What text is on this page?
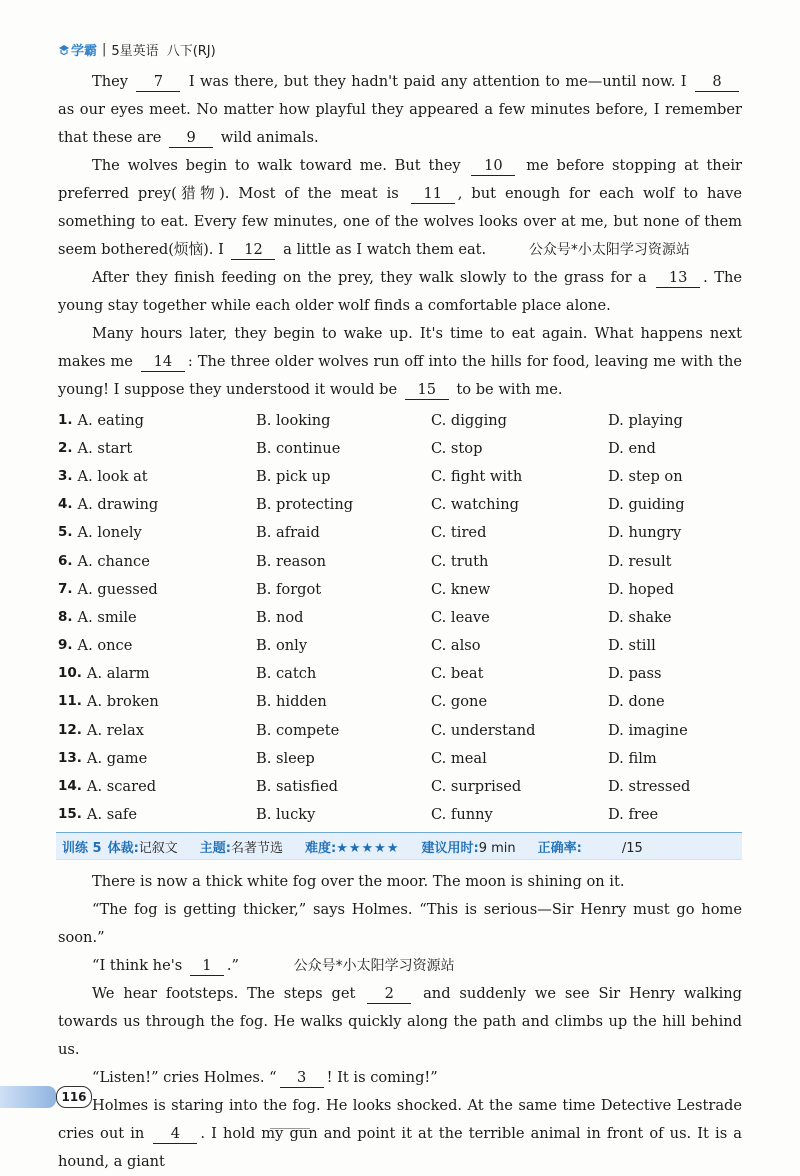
学霸 | 5星英语 八下(RJ)

They 7 I was there, but they hadn't paid any attention to me—until now. I 8 as our eyes meet. No matter how playful they appeared a few minutes before, I remember that these are 9 wild animals.

The wolves begin to walk toward me. But they 10 me before stopping at their preferred prey(猎物). Most of the meat is 11 , but enough for each wolf to have something to eat. Every few minutes, one of the wolves looks over at me, but none of them seem bothered(烦恼). I 12 a little as I watch them eat.	公众号*小太阳学习资源站

After they finish feeding on the prey, they walk slowly to the grass for a 13 . The young stay together while each older wolf finds a comfortable place alone.

Many hours later, they begin to wake up. It's time to eat again. What happens next makes me 14 : The three older wolves run off into the hills for food, leaving me with the young! I suppose they understood it would be 15 to be with me.

1. A. eating	B. looking	C. digging	D. playing
2. A. start	B. continue	C. stop	D. end
3. A. look at	B. pick up	C. fight with	D. step on
4. A. drawing	B. protecting	C. watching	D. guiding
5. A. lonely	B. afraid	C. tired	D. hungry
6. A. chance	B. reason	C. truth	D. result
7. A. guessed	B. forgot	C. knew	D. hoped
8. A. smile	B. nod	C. leave	D. shake
9. A. once	B. only	C. also	D. still
10. A. alarm	B. catch	C. beat	D. pass
11. A. broken	B. hidden	C. gone	D. done
12. A. relax	B. compete	C. understand	D. imagine
13. A. game	B. sleep	C. meal	D. film
14. A. scared	B. satisfied	C. surprised	D. stressed
15. A. safe	B. lucky	C. funny	D. free
训练 5 体裁:记叙文 主题:名著节选 难度:★★★★★ 建议用时:9 min 正确率:	/15

There is now a thick white fog over the moor. The moon is shining on it.

“The fog is getting thicker,” says Holmes. “This is serious—Sir Henry must go home soon.”

“I think he's 1 .”	公众号*小太阳学习资源站

We hear footsteps. The steps get 2 and suddenly we see Sir Henry walking towards us through the fog. He walks quickly along the path and climbs up the hill behind us.

“Listen!” cries Holmes. “ 3 ! It is coming!”

Holmes is staring into the fog. He looks shocked. At the same time Detective Lestrade cries out in 4 . I hold my gun and point it at the terrible animal in front of us. It is a hound, a giant

116
